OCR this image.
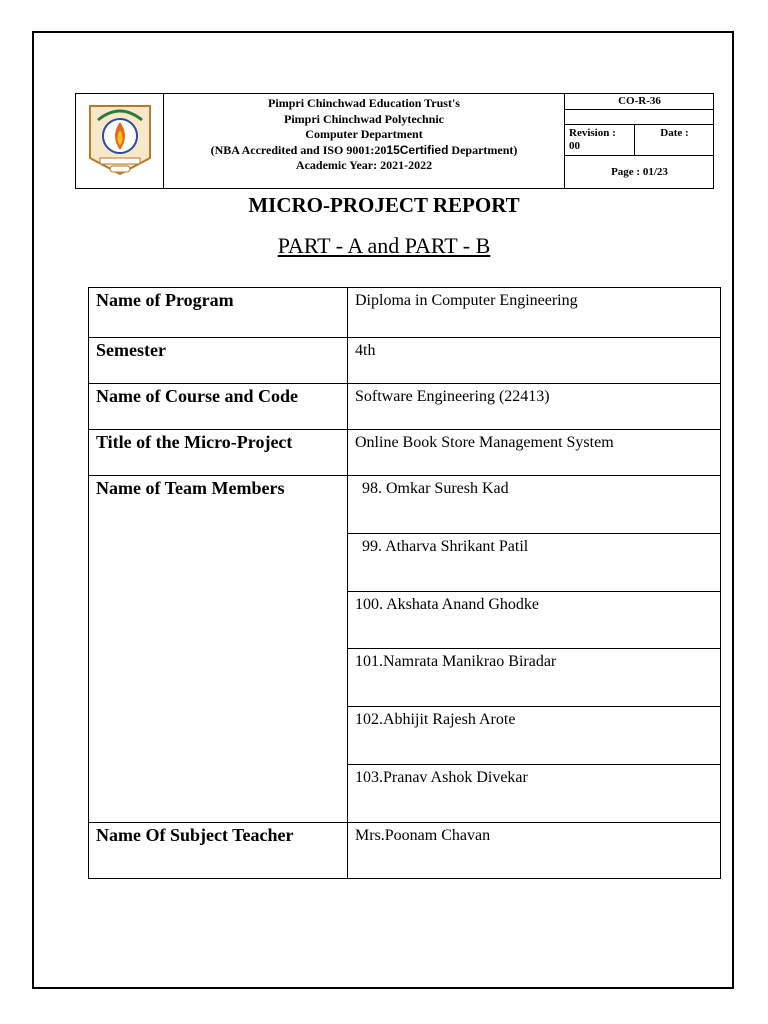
Pimpri Chinchwad Education Trust's
Pimpri Chinchwad Polytechnic
Computer Department
(NBA Accredited and ISO 9001:2015Certified Department)
Academic Year: 2021-2022
CO-R-36
Revision :
00
Date :
Page : 01/23
MICRO-PROJECT REPORT
PART - A and PART - B
Name of Program	Diploma in Computer Engineering
Semester	4th
Name of Course and Code	Software Engineering (22413)
Title of the Micro-Project	Online Book Store Management System
Name of Team Members	98. Omkar Suresh Kad
99. Atharva Shrikant Patil
100. Akshata Anand Ghodke
101.Namrata Manikrao Biradar
102.Abhijit Rajesh Arote
103.Pranav Ashok Divekar
Name Of Subject Teacher	Mrs.Poonam Chavan
